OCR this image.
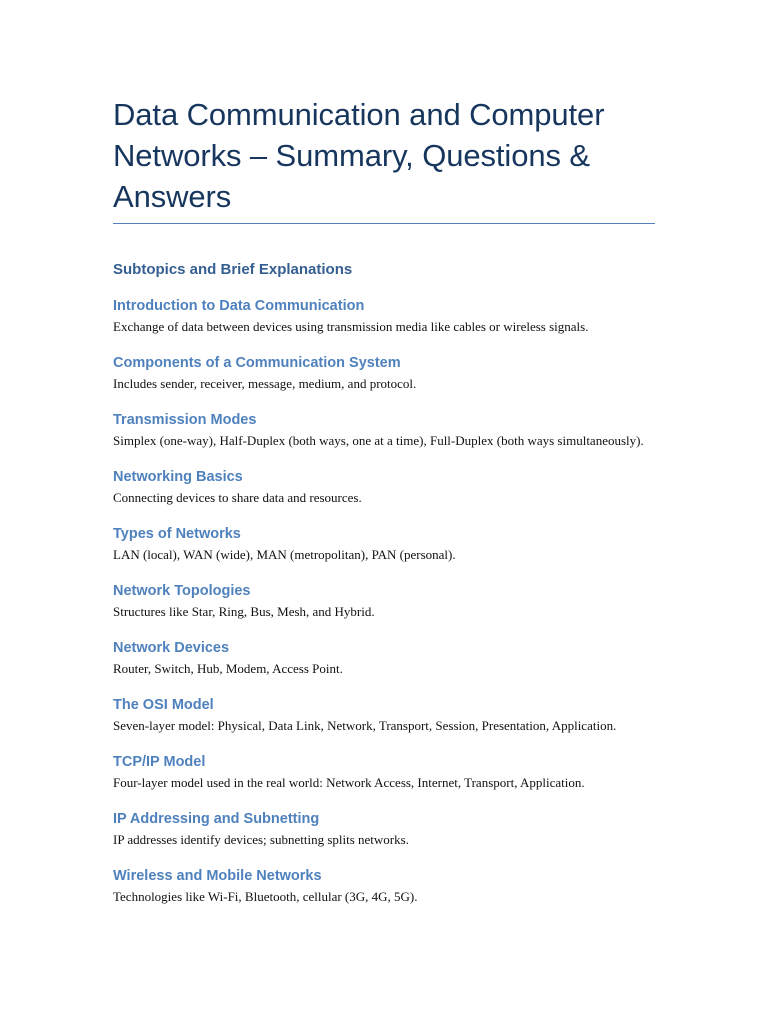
Data Communication and Computer Networks – Summary, Questions & Answers
Subtopics and Brief Explanations
Introduction to Data Communication

Exchange of data between devices using transmission media like cables or wireless signals.

Components of a Communication System

Includes sender, receiver, message, medium, and protocol.

Transmission Modes

Simplex (one-way), Half-Duplex (both ways, one at a time), Full-Duplex (both ways simultaneously).

Networking Basics

Connecting devices to share data and resources.

Types of Networks

LAN (local), WAN (wide), MAN (metropolitan), PAN (personal).

Network Topologies

Structures like Star, Ring, Bus, Mesh, and Hybrid.

Network Devices

Router, Switch, Hub, Modem, Access Point.

The OSI Model

Seven-layer model: Physical, Data Link, Network, Transport, Session, Presentation, Application.

TCP/IP Model

Four-layer model used in the real world: Network Access, Internet, Transport, Application.

IP Addressing and Subnetting

IP addresses identify devices; subnetting splits networks.

Wireless and Mobile Networks

Technologies like Wi-Fi, Bluetooth, cellular (3G, 4G, 5G).
